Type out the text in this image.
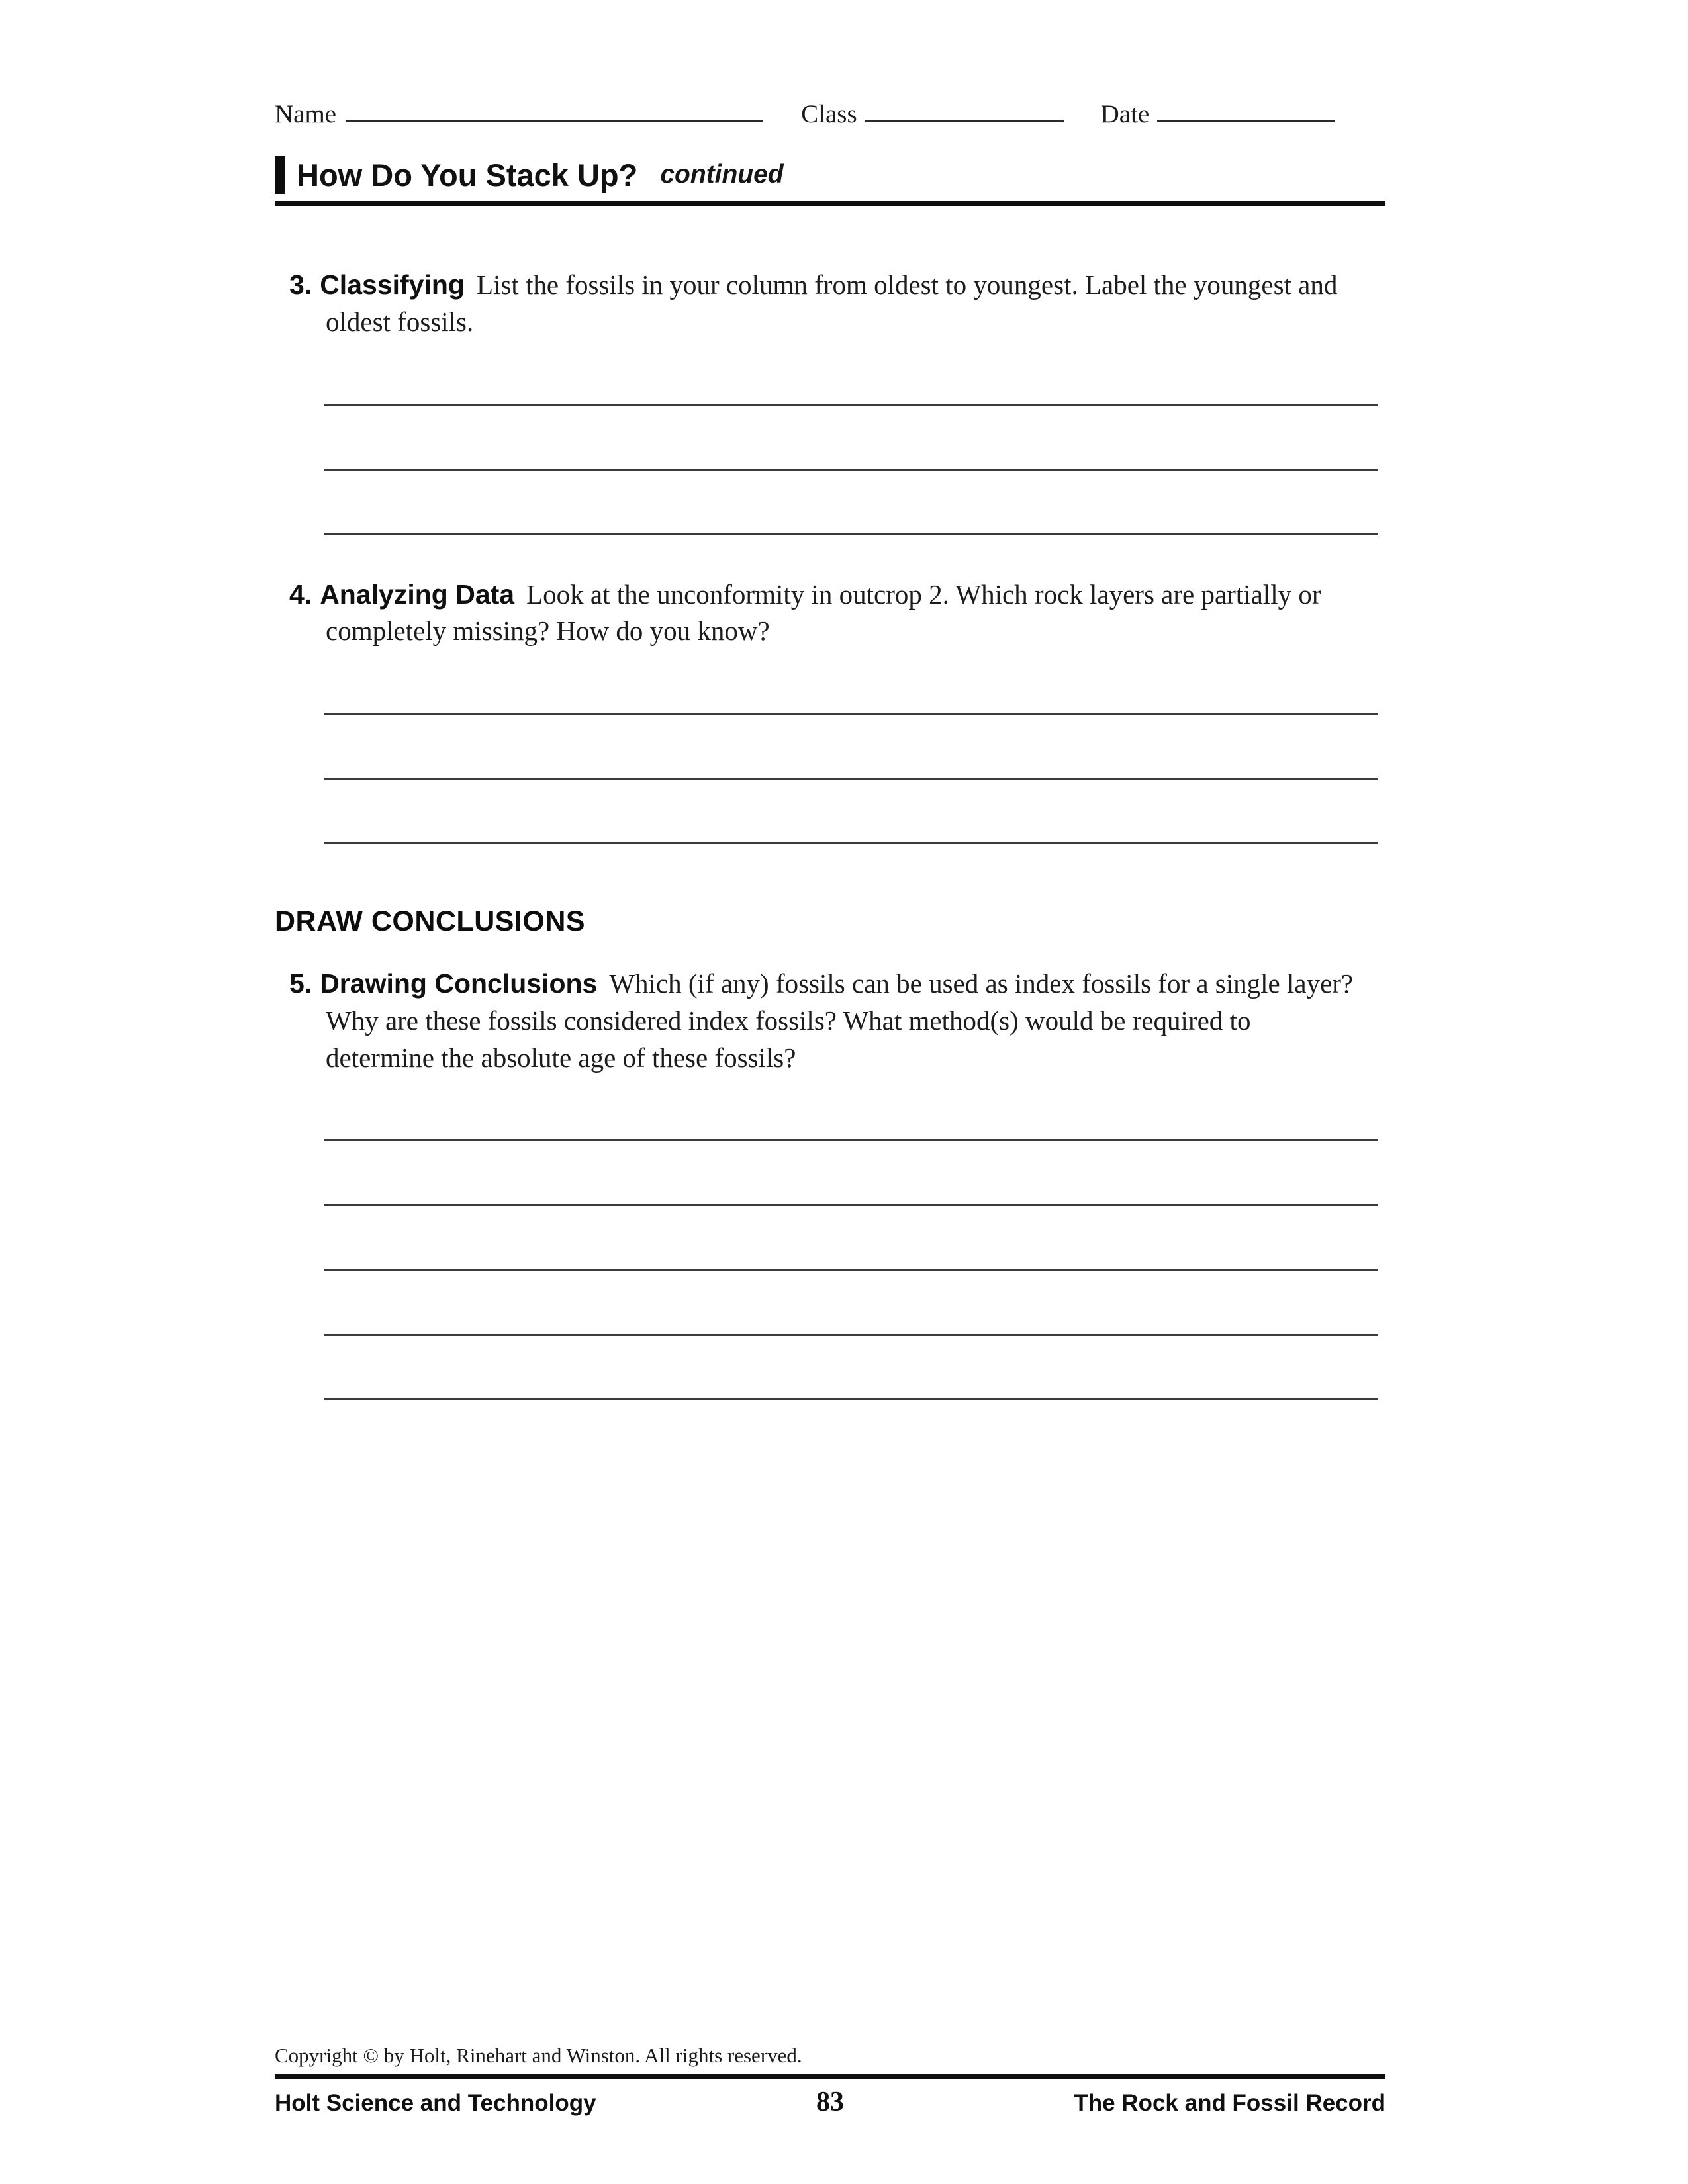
Name	Class	Date
How Do You Stack Up? continued

3. Classifying List the fossils in your column from oldest to youngest. Label the youngest and oldest fossils.

4. Analyzing Data Look at the unconformity in outcrop 2. Which rock layers are partially or completely missing? How do you know?

DRAW CONCLUSIONS

5. Drawing Conclusions Which (if any) fossils can be used as index fossils for a single layer? Why are these fossils considered index fossils? What method(s) would be required to determine the absolute age of these fossils?

Copyright © by Holt, Rinehart and Winston. All rights reserved.
Holt Science and Technology	83	The Rock and Fossil Record
